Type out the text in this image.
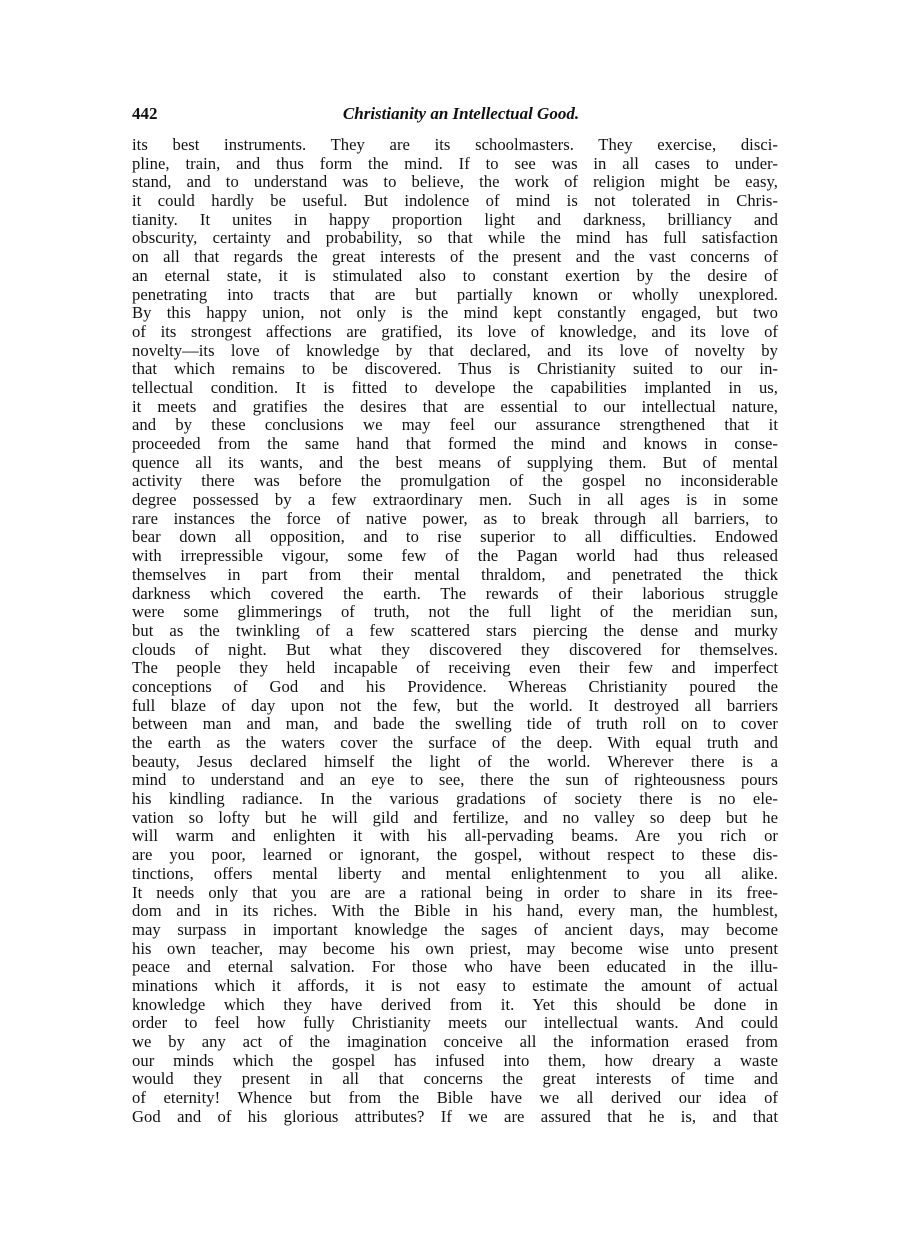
442	Christianity an Intellectual Good.
its best instruments. They are its schoolmasters. They exercise, disci-
pline, train, and thus form the mind. If to see was in all cases to under-
stand, and to understand was to believe, the work of religion might be easy,
it could hardly be useful. But indolence of mind is not tolerated in Chris-
tianity. It unites in happy proportion light and darkness, brilliancy and
obscurity, certainty and probability, so that while the mind has full satisfaction
on all that regards the great interests of the present and the vast concerns of
an eternal state, it is stimulated also to constant exertion by the desire of
penetrating into tracts that are but partially known or wholly unexplored.
By this happy union, not only is the mind kept constantly engaged, but two
of its strongest affections are gratified, its love of knowledge, and its love of
novelty—its love of knowledge by that declared, and its love of novelty by
that which remains to be discovered. Thus is Christianity suited to our in-
tellectual condition. It is fitted to develope the capabilities implanted in us,
it meets and gratifies the desires that are essential to our intellectual nature,
and by these conclusions we may feel our assurance strengthened that it
proceeded from the same hand that formed the mind and knows in conse-
quence all its wants, and the best means of supplying them. But of mental
activity there was before the promulgation of the gospel no inconsiderable
degree possessed by a few extraordinary men. Such in all ages is in some
rare instances the force of native power, as to break through all barriers, to
bear down all opposition, and to rise superior to all difficulties. Endowed
with irrepressible vigour, some few of the Pagan world had thus released
themselves in part from their mental thraldom, and penetrated the thick
darkness which covered the earth. The rewards of their laborious struggle
were some glimmerings of truth, not the full light of the meridian sun,
but as the twinkling of a few scattered stars piercing the dense and murky
clouds of night. But what they discovered they discovered for themselves.
The people they held incapable of receiving even their few and imperfect
conceptions of God and his Providence. Whereas Christianity poured the
full blaze of day upon not the few, but the world. It destroyed all barriers
between man and man, and bade the swelling tide of truth roll on to cover
the earth as the waters cover the surface of the deep. With equal truth and
beauty, Jesus declared himself the light of the world. Wherever there is a
mind to understand and an eye to see, there the sun of righteousness pours
his kindling radiance. In the various gradations of society there is no ele-
vation so lofty but he will gild and fertilize, and no valley so deep but he
will warm and enlighten it with his all-pervading beams. Are you rich or
are you poor, learned or ignorant, the gospel, without respect to these dis-
tinctions, offers mental liberty and mental enlightenment to you all alike.
It needs only that you are are a rational being in order to share in its free-
dom and in its riches. With the Bible in his hand, every man, the humblest,
may surpass in important knowledge the sages of ancient days, may become
his own teacher, may become his own priest, may become wise unto present
peace and eternal salvation. For those who have been educated in the illu-
minations which it affords, it is not easy to estimate the amount of actual
knowledge which they have derived from it. Yet this should be done in
order to feel how fully Christianity meets our intellectual wants. And could
we by any act of the imagination conceive all the information erased from
our minds which the gospel has infused into them, how dreary a waste
would they present in all that concerns the great interests of time and
of eternity! Whence but from the Bible have we all derived our idea of
God and of his glorious attributes? If we are assured that he is, and that
